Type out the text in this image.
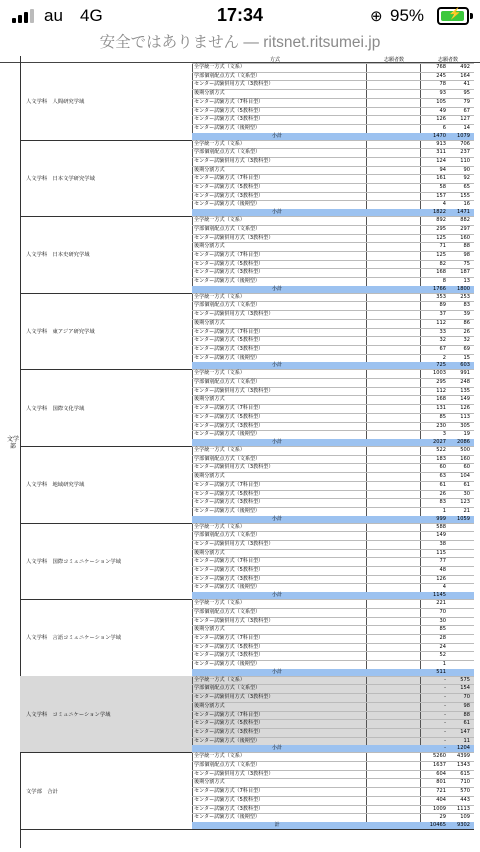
au 4G	17:34	⊕ 95% ⚡
安全ではありません — ritsnet.ritsumei.jp
方式	志願者数	志願者数
人文学科　人間研究学域
全学統一方式（文系）	768	492
学部個別配点方式（文系型）	245	164
センター試験併用方式（3教科型）	78	41
後期分割方式	93	95
センター試験方式（7科目型）	105	79
センター試験方式（5教科型）	49	67
センター試験方式（3教科型）	126	127
センター試験方式（後期型）	6	14
小計	1470	1079
人文学科　日本文学研究学域
全学統一方式（文系）	913	706
学部個別配点方式（文系型）	311	237
センター試験併用方式（3教科型）	124	110
後期分割方式	94	90
センター試験方式（7科目型）	161	92
センター試験方式（5教科型）	58	65
センター試験方式（3教科型）	157	155
センター試験方式（後期型）	4	16
小計	1822	1471
人文学科　日本史研究学域
全学統一方式（文系）	892	882
学部個別配点方式（文系型）	295	297
センター試験併用方式（3教科型）	125	160
後期分割方式	71	88
センター試験方式（7科目型）	125	98
センター試験方式（5教科型）	82	75
センター試験方式（3教科型）	168	187
センター試験方式（後期型）	8	13
小計	1766	1800
人文学科　東アジア研究学域
全学統一方式（文系）	353	253
学部個別配点方式（文系型）	89	83
センター試験併用方式（3教科型）	37	39
後期分割方式	112	86
センター試験方式（7科目型）	33	26
センター試験方式（5教科型）	32	32
センター試験方式（3教科型）	67	69
センター試験方式（後期型）	2	15
小計	725	603
人文学科　国際文化学域
全学統一方式（文系）	1003	991
学部個別配点方式（文系型）	295	248
センター試験併用方式（3教科型）	112	135
後期分割方式	168	149
センター試験方式（7科目型）	131	126
センター試験方式（5教科型）	85	113
センター試験方式（3教科型）	230	305
センター試験方式（後期型）	3	19
小計	2027	2086
人文学科　地域研究学域
全学統一方式（文系）	522	500
学部個別配点方式（文系型）	183	160
センター試験併用方式（3教科型）	60	60
後期分割方式	63	104
センター試験方式（7科目型）	61	61
センター試験方式（5教科型）	26	30
センター試験方式（3教科型）	83	123
センター試験方式（後期型）	1	21
小計	999	1059
人文学科　国際コミュニケーション学域
全学統一方式（文系）	588
学部個別配点方式（文系型）	149
センター試験併用方式（3教科型）	38
後期分割方式	115
センター試験方式（7科目型）	77
センター試験方式（5教科型）	48
センター試験方式（3教科型）	126
センター試験方式（後期型）	4
小計	1145
人文学科　言語コミュニケーション学域
全学統一方式（文系）	221
学部個別配点方式（文系型）	70
センター試験併用方式（3教科型）	30
後期分割方式	85
センター試験方式（7科目型）	28
センター試験方式（5教科型）	24
センター試験方式（3教科型）	52
センター試験方式（後期型）	1
小計	511
人文学科　コミュニケーション学域
全学統一方式（文系）	-	575
学部個別配点方式（文系型）	-	154
センター試験併用方式（3教科型）	-	70
後期分割方式	-	98
センター試験方式（7科目型）	-	88
センター試験方式（5教科型）	-	61
センター試験方式（3教科型）	-	147
センター試験方式（後期型）	-	11
小計	-	1204
文学部　合計
全学統一方式（文系）	5260	4399
学部個別配点方式（文系型）	1637	1343
センター試験併用方式（3教科型）	604	615
後期分割方式	801	710
センター試験方式（7科目型）	721	570
センター試験方式（5教科型）	404	443
センター試験方式（3教科型）	1009	1113
センター試験方式（後期型）	29	109
計	10465	9302
文学部
